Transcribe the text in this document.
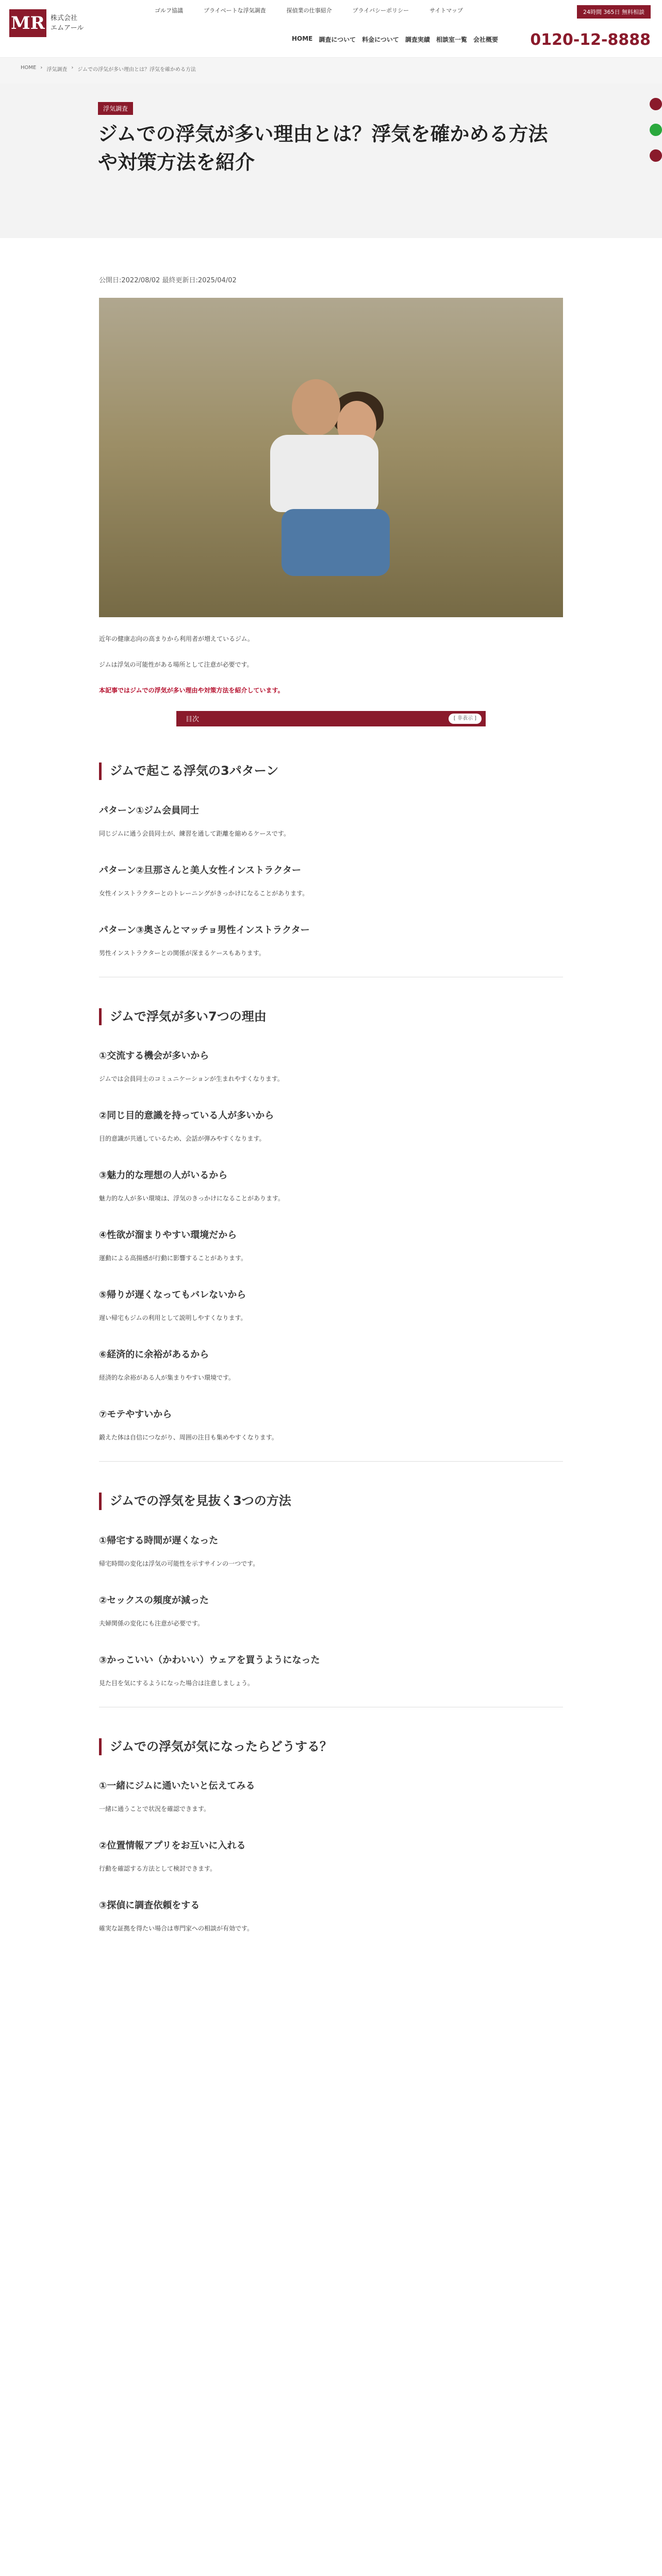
MR 株式会社
エムアール
ゴルフ協議	プライベートな浮気調査	探偵業の仕事紹介	プライバシーポリシー	サイトマップ	24時間 365日 無料相談
HOME 調査について 料金について 調査実績 相談室一覧 会社概要 0120-12-8888
HOME › 浮気調査 › ジムでの浮気が多い理由とは？浮気を確かめる方法
浮気調査
ジムでの浮気が多い理由とは？浮気を確かめる方法や対策方法を紹介

公開日:2022/08/02 最終更新日:2025/04/02

近年の健康志向の高まりから利用者が増えているジム。

ジムは浮気の可能性がある場所として注意が必要です。

本記事ではジムでの浮気が多い理由や対策方法を紹介しています。

目次	[ 非表示 ]
ジムで起こる浮気の3パターン
パターン①ジム会員同士

同じジムに通う会員同士が、練習を通して距離を縮めるケースです。

パターン②旦那さんと美人女性インストラクター

女性インストラクターとのトレーニングがきっかけになることがあります。

パターン③奥さんとマッチョ男性インストラクター

男性インストラクターとの関係が深まるケースもあります。

ジムで浮気が多い7つの理由
①交流する機会が多いから

ジムでは会員同士のコミュニケーションが生まれやすくなります。

②同じ目的意識を持っている人が多いから

目的意識が共通しているため、会話が弾みやすくなります。

③魅力的な理想の人がいるから

魅力的な人が多い環境は、浮気のきっかけになることがあります。

④性欲が溜まりやすい環境だから

運動による高揚感が行動に影響することがあります。

⑤帰りが遅くなってもバレないから

遅い帰宅もジムの利用として説明しやすくなります。

⑥経済的に余裕があるから

経済的な余裕がある人が集まりやすい環境です。

⑦モテやすいから

鍛えた体は自信につながり、周囲の注目も集めやすくなります。

ジムでの浮気を見抜く3つの方法
①帰宅する時間が遅くなった

帰宅時間の変化は浮気の可能性を示すサインの一つです。

②セックスの頻度が減った

夫婦関係の変化にも注意が必要です。

③かっこいい（かわいい）ウェアを買うようになった

見た目を気にするようになった場合は注意しましょう。

ジムでの浮気が気になったらどうする？
①一緒にジムに通いたいと伝えてみる

一緒に通うことで状況を確認できます。

②位置情報アプリをお互いに入れる

行動を確認する方法として検討できます。

③探偵に調査依頼をする

確実な証拠を得たい場合は専門家への相談が有効です。
